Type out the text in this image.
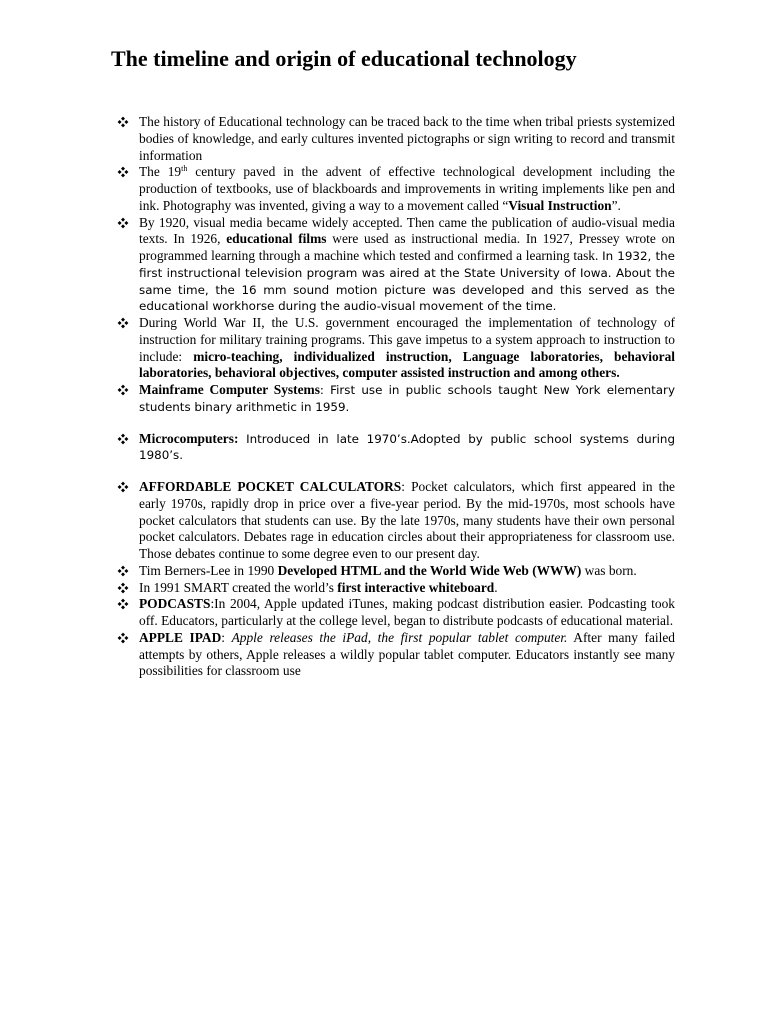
The timeline and origin of educational technology
The history of Educational technology can be traced back to the time when tribal priests systemized bodies of knowledge, and early cultures invented pictographs or sign writing to record and transmit information
The 19th century paved in the advent of effective technological development including the production of textbooks, use of blackboards and improvements in writing implements like pen and ink. Photography was invented, giving a way to a movement called “Visual Instruction”.
By 1920, visual media became widely accepted. Then came the publication of audio-visual media texts. In 1926, educational films were used as instructional media. In 1927, Pressey wrote on programmed learning through a machine which tested and confirmed a learning task. In 1932, the first instructional television program was aired at the State University of Iowa. About the same time, the 16 mm sound motion picture was developed and this served as the educational workhorse during the audio-visual movement of the time.
During World War II, the U.S. government encouraged the implementation of technology of instruction for military training programs. This gave impetus to a system approach to instruction to include: micro-teaching, individualized instruction, Language laboratories, behavioral laboratories, behavioral objectives, computer assisted instruction and among others.
Mainframe Computer Systems: First use in public schools taught New York elementary students binary arithmetic in 1959.
Microcomputers: Introduced in late 1970’s.Adopted by public school systems during 1980’s.
AFFORDABLE POCKET CALCULATORS: Pocket calculators, which first appeared in the early 1970s, rapidly drop in price over a five-year period. By the mid-1970s, most schools have pocket calculators that students can use. By the late 1970s, many students have their own personal pocket calculators. Debates rage in education circles about their appropriateness for classroom use. Those debates continue to some degree even to our present day.
Tim Berners-Lee in 1990 Developed HTML and the World Wide Web (WWW) was born.
In 1991 SMART created the world’s first interactive whiteboard.
PODCASTS:In 2004, Apple updated iTunes, making podcast distribution easier. Podcasting took off. Educators, particularly at the college level, began to distribute podcasts of educational material.
APPLE IPAD: Apple releases the iPad, the first popular tablet computer. After many failed attempts by others, Apple releases a wildly popular tablet computer. Educators instantly see many possibilities for classroom use
